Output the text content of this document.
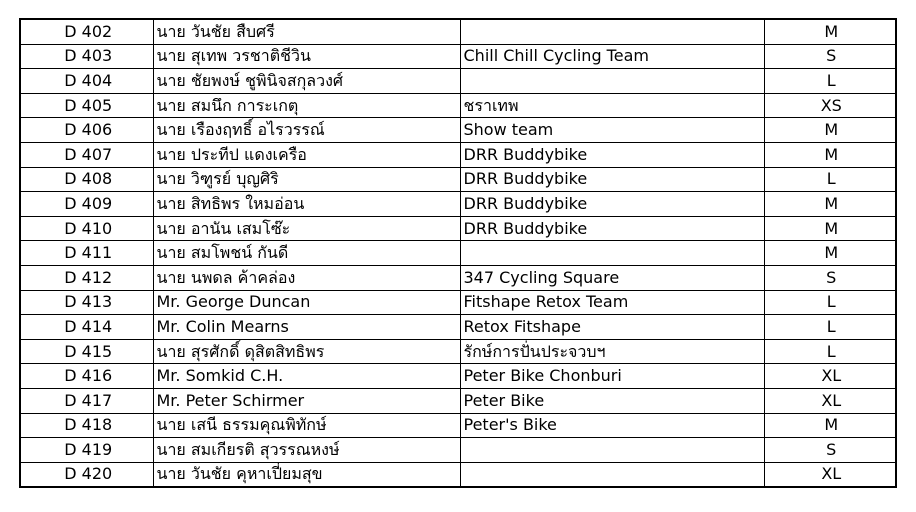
D 402	นาย วันชัย สืบศรี		M
D 403	นาย สุเทพ วรชาติชีวิน	Chill Chill Cycling Team	S
D 404	นาย ชัยพงษ์ ชูพินิจสกุลวงศ์		L
D 405	นาย สมนึก การะเกตุ	ชราเทพ	XS
D 406	นาย เรืองฤทธิ์ อไรวรรณ์	Show team	M
D 407	นาย ประทีป แดงเครือ	DRR Buddybike	M
D 408	นาย วิฑูรย์ บุญศิริ	DRR Buddybike	L
D 409	นาย สิทธิพร ใหมอ่อน	DRR Buddybike	M
D 410	นาย อานัน เสมโซ๊ะ	DRR Buddybike	M
D 411	นาย สมโพชน์ กันดี		M
D 412	นาย นพดล ค้าคล่อง	347 Cycling Square	S
D 413	Mr. George Duncan	Fitshape Retox Team	L
D 414	Mr. Colin Mearns	Retox Fitshape	L
D 415	นาย สุรศักดิ์ ดุสิตสิทธิพร	รักษ์การปั่นประจวบฯ	L
D 416	Mr. Somkid C.H.	Peter Bike Chonburi	XL
D 417	Mr. Peter Schirmer	Peter Bike	XL
D 418	นาย เสนี ธรรมคุณพิทักษ์	Peter's Bike	M
D 419	นาย สมเกียรติ สุวรรณหงษ์		S
D 420	นาย วันชัย คุหาเปี่ยมสุข		XL
